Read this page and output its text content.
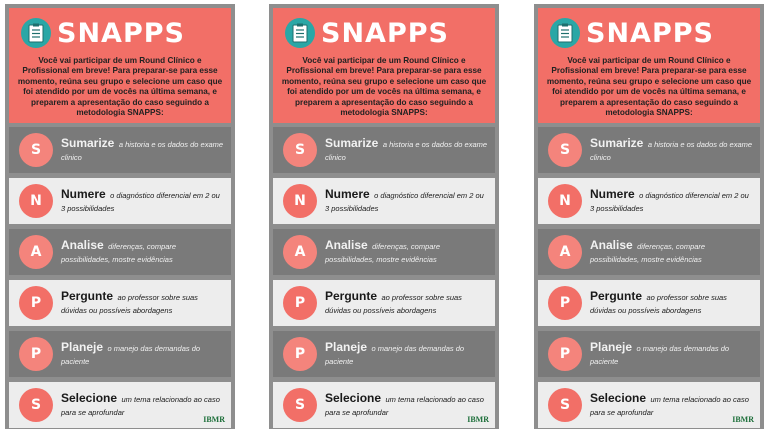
SNAPPS
Você vai participar de um Round Clínico e Profissional em breve! Para preparar-se para esse momento, reúna seu grupo e selecione um caso que foi atendido por um de vocês na última semana, e preparem a apresentação do caso seguindo a metodologia SNAPPS:
S	Sumarize a historia e os dados do exame clinico
N	Numere o diagnóstico diferencial em 2 ou 3 possibilidades
A	Analise diferenças, compare possibilidades, mostre evidências
P	Pergunte ao professor sobre suas dúvidas ou possíveis abordagens
P	Planeje o manejo das demandas do paciente
S	Selecione um tema relacionado ao caso para se aprofundar
IBMR
SNAPPS
Você vai participar de um Round Clínico e Profissional em breve! Para preparar-se para esse momento, reúna seu grupo e selecione um caso que foi atendido por um de vocês na última semana, e preparem a apresentação do caso seguindo a metodologia SNAPPS:
S	Sumarize a historia e os dados do exame clinico
N	Numere o diagnóstico diferencial em 2 ou 3 possibilidades
A	Analise diferenças, compare possibilidades, mostre evidências
P	Pergunte ao professor sobre suas dúvidas ou possíveis abordagens
P	Planeje o manejo das demandas do paciente
S	Selecione um tema relacionado ao caso para se aprofundar
IBMR
SNAPPS
Você vai participar de um Round Clínico e Profissional em breve! Para preparar-se para esse momento, reúna seu grupo e selecione um caso que foi atendido por um de vocês na última semana, e preparem a apresentação do caso seguindo a metodologia SNAPPS:
S	Sumarize a historia e os dados do exame clinico
N	Numere o diagnóstico diferencial em 2 ou 3 possibilidades
A	Analise diferenças, compare possibilidades, mostre evidências
P	Pergunte ao professor sobre suas dúvidas ou possíveis abordagens
P	Planeje o manejo das demandas do paciente
S	Selecione um tema relacionado ao caso para se aprofundar
IBMR
